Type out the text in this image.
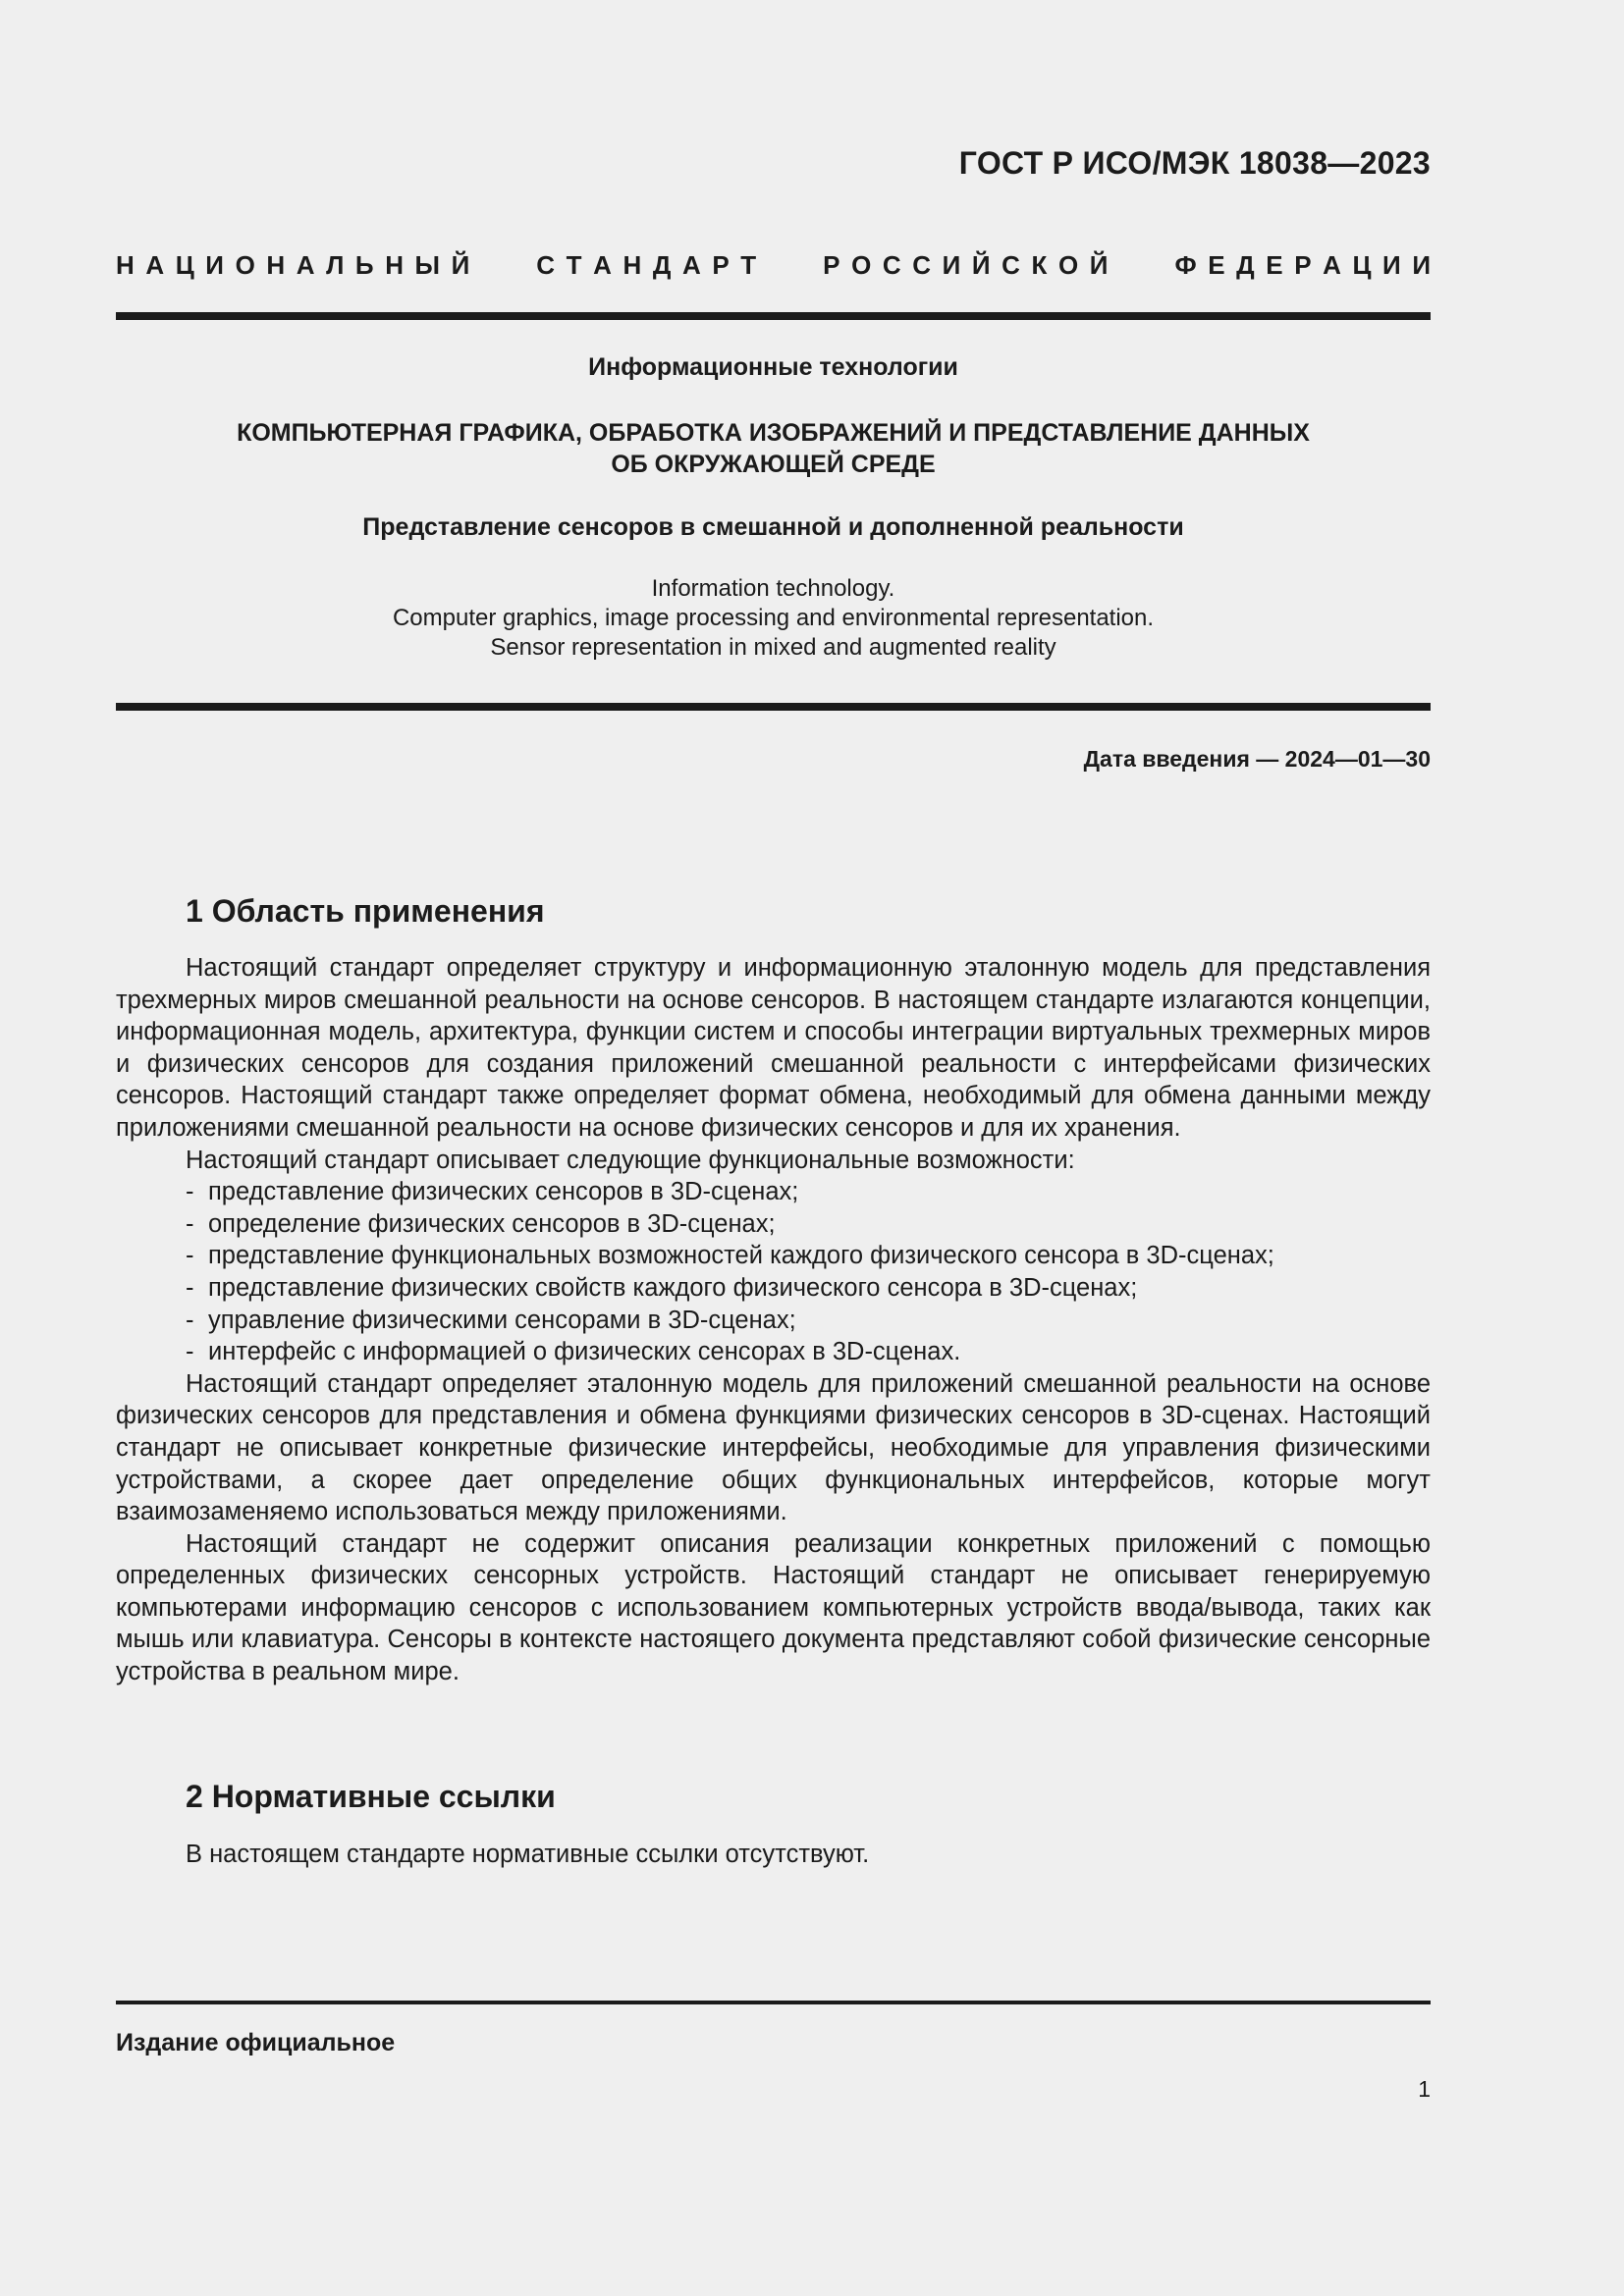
ГОСТ Р ИСО/МЭК 18038—2023
Н А Ц И О Н А Л Ь Н Ы Й

	С Т А Н Д А Р Т

	Р О С С И Й С К О Й

	Ф Е Д Е Р А Ц И И
Информационные технологии
КОМПЬЮТЕРНАЯ ГРАФИКА, ОБРАБОТКА ИЗОБРАЖЕНИЙ И ПРЕДСТАВЛЕНИЕ ДАННЫХ
ОБ ОКРУЖАЮЩЕЙ СРЕДЕ
Представление сенсоров в смешанной и дополненной реальности
Information technology.
Computer graphics, image processing and environmental representation.
Sensor representation in mixed and augmented reality
Дата введения — 2024—01—30
1 Область применения

Настоящий стандарт определяет структуру и информационную эталонную модель для представления трехмерных миров смешанной реальности на основе сенсоров. В настоящем стандарте излагаются концепции, информационная модель, архитектура, функции систем и способы интеграции виртуальных трехмерных миров и физических сенсоров для создания приложений смешанной реальности с интерфейсами физических сенсоров. Настоящий стандарт также определяет формат обмена, необходимый для обмена данными между приложениями смешанной реальности на основе физических сенсоров и для их хранения.

Настоящий стандарт описывает следующие функциональные возможности:

- представление физических сенсоров в 3D-сценах;
- определение физических сенсоров в 3D-сценах;
- представление функциональных возможностей каждого физического сенсора в 3D-сценах;
- представление физических свойств каждого физического сенсора в 3D-сценах;
- управление физическими сенсорами в 3D-сценах;
- интерфейс с информацией о физических сенсорах в 3D-сценах.

Настоящий стандарт определяет эталонную модель для приложений смешанной реальности на основе физических сенсоров для представления и обмена функциями физических сенсоров в 3D-сценах. Настоящий стандарт не описывает конкретные физические интерфейсы, необходимые для управления физическими устройствами, а скорее дает определение общих функциональных интерфейсов, которые могут взаимозаменяемо использоваться между приложениями.

Настоящий стандарт не содержит описания реализации конкретных приложений с помощью определенных физических сенсорных устройств. Настоящий стандарт не описывает генерируемую компьютерами информацию сенсоров с использованием компьютерных устройств ввода/вывода, таких как мышь или клавиатура. Сенсоры в контексте настоящего документа представляют собой физические сенсорные устройства в реальном мире.

2 Нормативные ссылки

В настоящем стандарте нормативные ссылки отсутствуют.

Издание официальное
1
